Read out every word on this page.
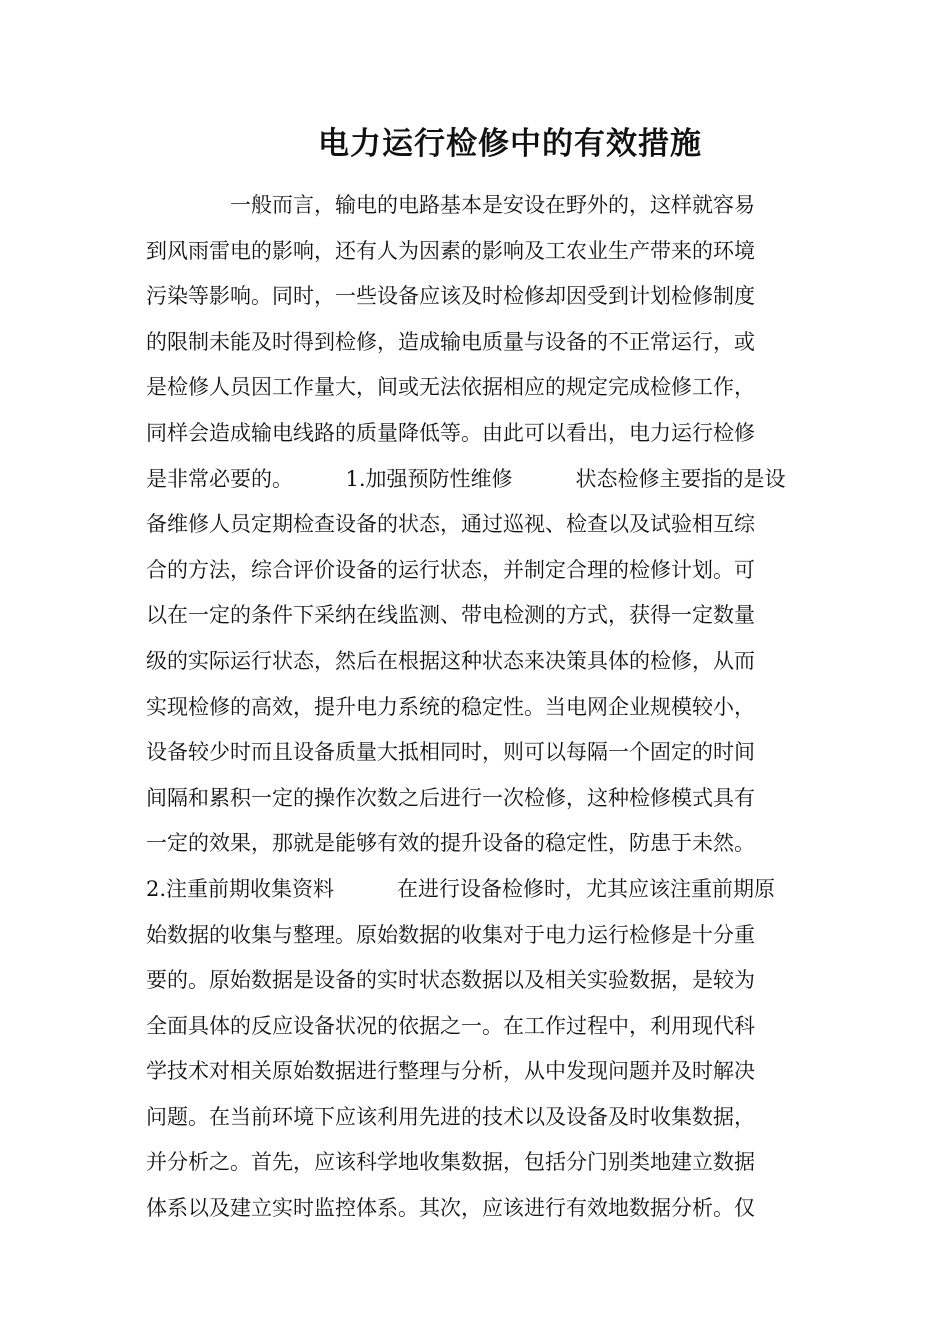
电力运行检修中的有效措施
　　　　一般而言，输电的电路基本是安设在野外的，这样就容易
到风雨雷电的影响，还有人为因素的影响及工农业生产带来的环境
污染等影响。同时，一些设备应该及时检修却因受到计划检修制度
的限制未能及时得到检修，造成输电质量与设备的不正常运行，或
是检修人员因工作量大，间或无法依据相应的规定完成检修工作，
同样会造成输电线路的质量降低等。由此可以看出，电力运行检修
是非常必要的。　　　1.加强预防性维修　　　状态检修主要指的是设
备维修人员定期检查设备的状态，通过巡视、检查以及试验相互综
合的方法，综合评价设备的运行状态，并制定合理的检修计划。可
以在一定的条件下采纳在线监测、带电检测的方式，获得一定数量
级的实际运行状态，然后在根据这种状态来决策具体的检修，从而
实现检修的高效，提升电力系统的稳定性。当电网企业规模较小，
设备较少时而且设备质量大抵相同时，则可以每隔一个固定的时间
间隔和累积一定的操作次数之后进行一次检修，这种检修模式具有
一定的效果，那就是能够有效的提升设备的稳定性，防患于未然。
2.注重前期收集资料　　　在进行设备检修时，尤其应该注重前期原
始数据的收集与整理。原始数据的收集对于电力运行检修是十分重
要的。原始数据是设备的实时状态数据以及相关实验数据，是较为
全面具体的反应设备状况的依据之一。在工作过程中，利用现代科
学技术对相关原始数据进行整理与分析，从中发现问题并及时解决
问题。在当前环境下应该利用先进的技术以及设备及时收集数据，
并分析之。首先，应该科学地收集数据，包括分门别类地建立数据
体系以及建立实时监控体系。其次，应该进行有效地数据分析。仅
